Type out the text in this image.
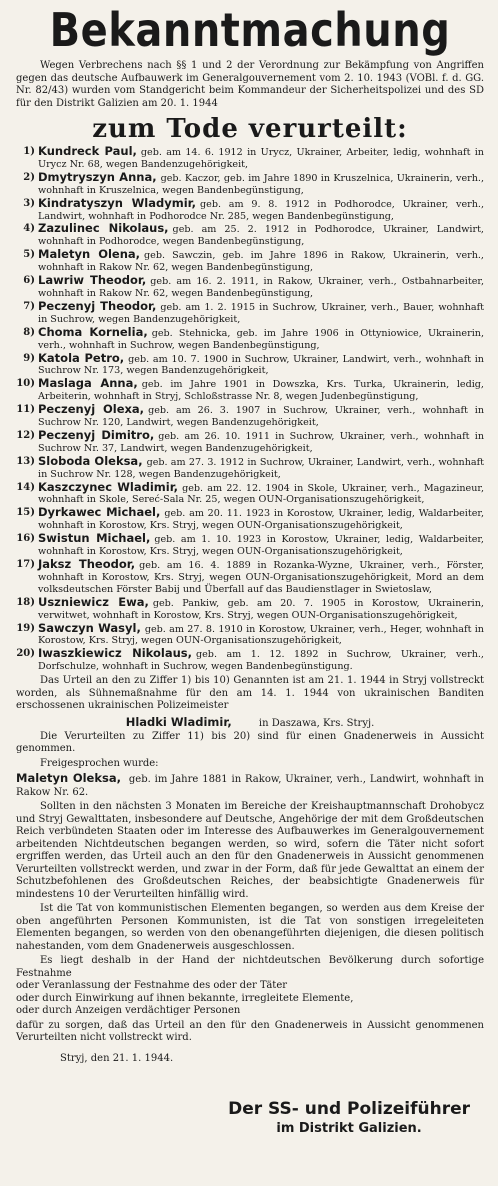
Bekanntmachung
Wegen Verbrechens nach §§ 1 und 2 der Verordnung zur Bekämpfung von Angriffen gegen das deutsche Aufbauwerk im Generalgouvernement vom 2. 10. 1943 (VOBl. f. d. GG. Nr. 82/43) wurden vom Standgericht beim Kommandeur der Sicherheitspolizei und des SD für den Distrikt Galizien am 20. 1. 1944
zum Tode verurteilt:
1) Kundreck Paul, geb. am 14. 6. 1912 in Urycz, Ukrainer, Arbeiter, ledig, wohnhaft in Urycz Nr. 68, wegen Bandenzugehörigkeit,
2) Dmytryszyn Anna, geb. Kaczor, geb. im Jahre 1890 in Kruszelnica, Ukrainerin, verh., wohnhaft in Kruszelnica, wegen Bandenbegünstigung,
3) Kindratyszyn Wladymir, geb. am 9. 8. 1912 in Podhorodce, Ukrainer, verh., Landwirt, wohnhaft in Podhorodce Nr. 285, wegen Bandenbegünstigung,
4) Zazulinec Nikolaus, geb. am 25. 2. 1912 in Podhorodce, Ukrainer, Landwirt, wohnhaft in Podhorodce, wegen Bandenbegünstigung,
5) Maletyn Olena, geb. Sawczin, geb. im Jahre 1896 in Rakow, Ukrainerin, verh., wohnhaft in Rakow Nr. 62, wegen Bandenbegünstigung,
6) Lawriw Theodor, geb. am 16. 2. 1911, in Rakow, Ukrainer, verh., Ostbahnarbeiter, wohnhaft in Rakow Nr. 62, wegen Bandenbegünstigung,
7) Peczenyj Theodor, geb. am 1. 2. 1915 in Suchrow, Ukrainer, verh., Bauer, wohnhaft in Suchrow, wegen Bandenzugehörigkeit,
8) Choma Kornelia, geb. Stehnicka, geb. im Jahre 1906 in Ottyniowice, Ukrainerin, verh., wohnhaft in Suchrow, wegen Bandenbegünstigung,
9) Katola Petro, geb. am 10. 7. 1900 in Suchrow, Ukrainer, Landwirt, verh., wohnhaft in Suchrow Nr. 173, wegen Bandenzugehörigkeit,
10) Maslaga Anna, geb. im Jahre 1901 in Dowszka, Krs. Turka, Ukrainerin, ledig, Arbeiterin, wohnhaft in Stryj, Schloßstrasse Nr. 8, wegen Judenbegünstigung,
11) Peczenyj Olexa, geb. am 26. 3. 1907 in Suchrow, Ukrainer, verh., wohnhaft in Suchrow Nr. 120, Landwirt, wegen Bandenzugehörigkeit,
12) Peczenyj Dimitro, geb. am 26. 10. 1911 in Suchrow, Ukrainer, verh., wohnhaft in Suchrow Nr. 37, Landwirt, wegen Bandenzugehörigkeit,
13) Sloboda Oleksa, geb. am 27. 3. 1912 in Suchrow, Ukrainer, Landwirt, verh., wohnhaft in Suchrow Nr. 128, wegen Bandenzugehörigkeit,
14) Kaszczynec Wladimir, geb. am 22. 12. 1904 in Skole, Ukrainer, verh., Magazineur, wohnhaft in Skole, Sereć-Sala Nr. 25, wegen OUN-Organisationszugehörigkeit,
15) Dyrkawec Michael, geb. am 20. 11. 1923 in Korostow, Ukrainer, ledig, Waldarbeiter, wohnhaft in Korostow, Krs. Stryj, wegen OUN-Organisationszugehörigkeit,
16) Swistun Michael, geb. am 1. 10. 1923 in Korostow, Ukrainer, ledig, Waldarbeiter, wohnhaft in Korostow, Krs. Stryj, wegen OUN-Organisationszugehörigkeit,
17) Jaksz Theodor, geb. am 16. 4. 1889 in Rozanka-Wyzne, Ukrainer, verh., Förster, wohnhaft in Korostow, Krs. Stryj, wegen OUN-Organisationszugehörigkeit, Mord an dem volksdeutschen Förster Babij und Überfall auf das Baudienstlager in Swietoslaw,
18) Uszniewicz Ewa, geb. Pankiw, geb. am 20. 7. 1905 in Korostow, Ukrainerin, verwitwet, wohnhaft in Korostow, Krs. Stryj, wegen OUN-Organisationszugehörigkeit,
19) Sawczyn Wasyl, geb. am 27. 8. 1910 in Korostow, Ukrainer, verh., Heger, wohnhaft in Korostow, Krs. Stryj, wegen OUN-Organisationszugehörigkeit,
20) Iwaszkiewicz Nikolaus, geb. am 1. 12. 1892 in Suchrow, Ukrainer, verh., Dorfschulze, wohnhaft in Suchrow, wegen Bandenbegünstigung.
Das Urteil an den zu Ziffer 1) bis 10) Genannten ist am 21. 1. 1944 in Stryj vollstreckt worden, als Sühnemaßnahme für den am 14. 1. 1944 von ukrainischen Banditen erschossenen ukrainischen Polizeimeister
Hladki Wladimir,	in Daszawa, Krs. Stryj.
Die Verurteilten zu Ziffer 11) bis 20) sind für einen Gnadenerweis in Aussicht genommen.
Freigesprochen wurde:
Maletyn Oleksa, geb. im Jahre 1881 in Rakow, Ukrainer, verh., Landwirt, wohnhaft in Rakow Nr. 62.
Sollten in den nächsten 3 Monaten im Bereiche der Kreishauptmannschaft Drohobycz und Stryj Gewalttaten, insbesondere auf Deutsche, Angehörige der mit dem Großdeutschen Reich verbündeten Staaten oder im Interesse des Aufbauwerkes im Generalgouvernement arbeitenden Nichtdeutschen begangen werden, so wird, sofern die Täter nicht sofort ergriffen werden, das Urteil auch an den für den Gnadenerweis in Aussicht genommenen Verurteilten vollstreckt werden, und zwar in der Form, daß für jede Gewalttat an einem der Schutzbefohlenen des Großdeutschen Reiches, der beabsichtigte Gnadenerweis für mindestens 10 der Verurteilten hinfällig wird.
Ist die Tat von kommunistischen Elementen begangen, so werden aus dem Kreise der oben angeführten Personen Kommunisten, ist die Tat von sonstigen irregeleiteten Elementen begangen, so werden von den obenangeführten diejenigen, die diesen politisch nahestanden, vom dem Gnadenerweis ausgeschlossen.
Es liegt deshalb in der Hand der nichtdeutschen Bevölkerung durch sofortige Festnahme
oder Veranlassung der Festnahme des oder der Täter
oder durch Einwirkung auf ihnen bekannte, irregleitete Elemente,
oder durch Anzeigen verdächtiger Personen
dafür zu sorgen, daß das Urteil an den für den Gnadenerweis in Aussicht genommenen Verurteilten nicht vollstreckt wird.
Stryj, den 21. 1. 1944.
Der SS- und Polizeiführer
im Distrikt Galizien.
